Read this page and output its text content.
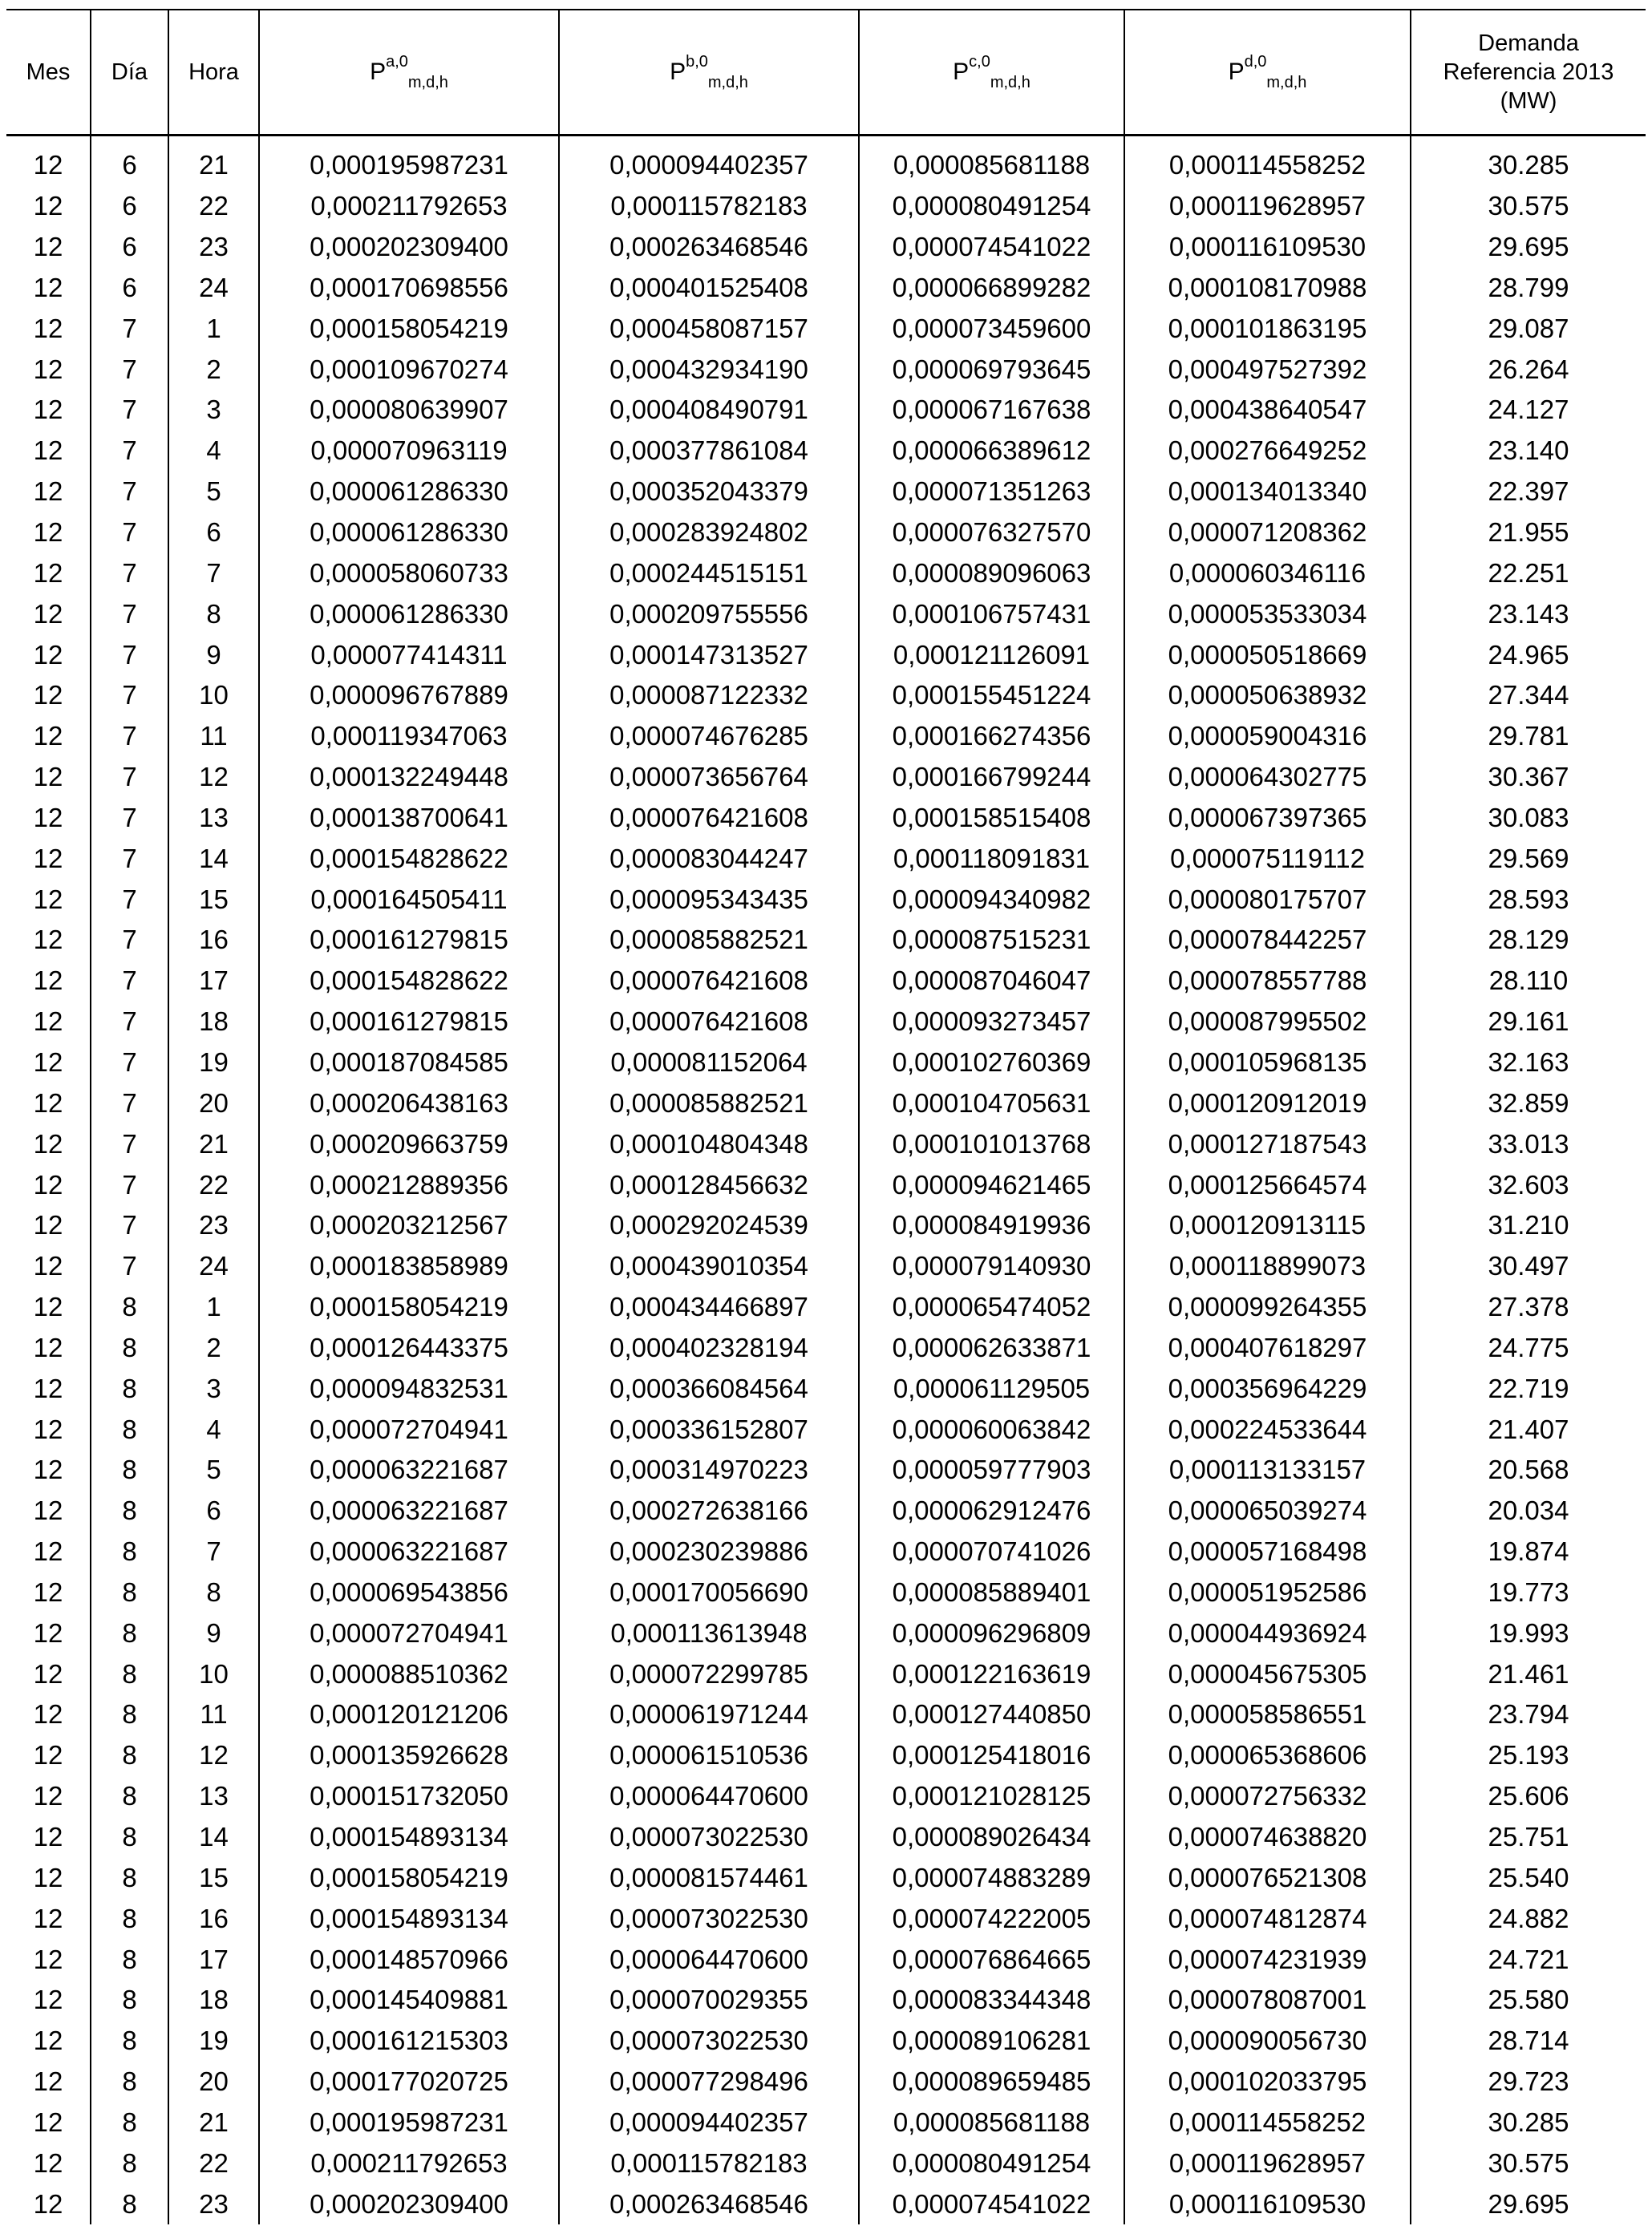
Mes	Día	Hora	P$^{a,0}_{m,d,h}$	P$^{b,0}_{m,d,h}$	P$^{c,0}_{m,d,h}$	P$^{d,0}_{m,d,h}$	Demanda
Referencia 2013
(MW)

12	6	21	0,000195987231	0,000094402357	0,000085681188	0,000114558252	30.285
12	6	22	0,000211792653	0,000115782183	0,000080491254	0,000119628957	30.575
12	6	23	0,000202309400	0,000263468546	0,000074541022	0,000116109530	29.695
12	6	24	0,000170698556	0,000401525408	0,000066899282	0,000108170988	28.799
12	7	1	0,000158054219	0,000458087157	0,000073459600	0,000101863195	29.087
12	7	2	0,000109670274	0,000432934190	0,000069793645	0,000497527392	26.264
12	7	3	0,000080639907	0,000408490791	0,000067167638	0,000438640547	24.127
12	7	4	0,000070963119	0,000377861084	0,000066389612	0,000276649252	23.140
12	7	5	0,000061286330	0,000352043379	0,000071351263	0,000134013340	22.397
12	7	6	0,000061286330	0,000283924802	0,000076327570	0,000071208362	21.955
12	7	7	0,000058060733	0,000244515151	0,000089096063	0,000060346116	22.251
12	7	8	0,000061286330	0,000209755556	0,000106757431	0,000053533034	23.143
12	7	9	0,000077414311	0,000147313527	0,000121126091	0,000050518669	24.965
12	7	10	0,000096767889	0,000087122332	0,000155451224	0,000050638932	27.344
12	7	11	0,000119347063	0,000074676285	0,000166274356	0,000059004316	29.781
12	7	12	0,000132249448	0,000073656764	0,000166799244	0,000064302775	30.367
12	7	13	0,000138700641	0,000076421608	0,000158515408	0,000067397365	30.083
12	7	14	0,000154828622	0,000083044247	0,000118091831	0,000075119112	29.569
12	7	15	0,000164505411	0,000095343435	0,000094340982	0,000080175707	28.593
12	7	16	0,000161279815	0,000085882521	0,000087515231	0,000078442257	28.129
12	7	17	0,000154828622	0,000076421608	0,000087046047	0,000078557788	28.110
12	7	18	0,000161279815	0,000076421608	0,000093273457	0,000087995502	29.161
12	7	19	0,000187084585	0,000081152064	0,000102760369	0,000105968135	32.163
12	7	20	0,000206438163	0,000085882521	0,000104705631	0,000120912019	32.859
12	7	21	0,000209663759	0,000104804348	0,000101013768	0,000127187543	33.013
12	7	22	0,000212889356	0,000128456632	0,000094621465	0,000125664574	32.603
12	7	23	0,000203212567	0,000292024539	0,000084919936	0,000120913115	31.210
12	7	24	0,000183858989	0,000439010354	0,000079140930	0,000118899073	30.497
12	8	1	0,000158054219	0,000434466897	0,000065474052	0,000099264355	27.378
12	8	2	0,000126443375	0,000402328194	0,000062633871	0,000407618297	24.775
12	8	3	0,000094832531	0,000366084564	0,000061129505	0,000356964229	22.719
12	8	4	0,000072704941	0,000336152807	0,000060063842	0,000224533644	21.407
12	8	5	0,000063221687	0,000314970223	0,000059777903	0,000113133157	20.568
12	8	6	0,000063221687	0,000272638166	0,000062912476	0,000065039274	20.034
12	8	7	0,000063221687	0,000230239886	0,000070741026	0,000057168498	19.874
12	8	8	0,000069543856	0,000170056690	0,000085889401	0,000051952586	19.773
12	8	9	0,000072704941	0,000113613948	0,000096296809	0,000044936924	19.993
12	8	10	0,000088510362	0,000072299785	0,000122163619	0,000045675305	21.461
12	8	11	0,000120121206	0,000061971244	0,000127440850	0,000058586551	23.794
12	8	12	0,000135926628	0,000061510536	0,000125418016	0,000065368606	25.193
12	8	13	0,000151732050	0,000064470600	0,000121028125	0,000072756332	25.606
12	8	14	0,000154893134	0,000073022530	0,000089026434	0,000074638820	25.751
12	8	15	0,000158054219	0,000081574461	0,000074883289	0,000076521308	25.540
12	8	16	0,000154893134	0,000073022530	0,000074222005	0,000074812874	24.882
12	8	17	0,000148570966	0,000064470600	0,000076864665	0,000074231939	24.721
12	8	18	0,000145409881	0,000070029355	0,000083344348	0,000078087001	25.580
12	8	19	0,000161215303	0,000073022530	0,000089106281	0,000090056730	28.714
12	8	20	0,000177020725	0,000077298496	0,000089659485	0,000102033795	29.723
12	8	21	0,000195987231	0,000094402357	0,000085681188	0,000114558252	30.285
12	8	22	0,000211792653	0,000115782183	0,000080491254	0,000119628957	30.575
12	8	23	0,000202309400	0,000263468546	0,000074541022	0,000116109530	29.695
